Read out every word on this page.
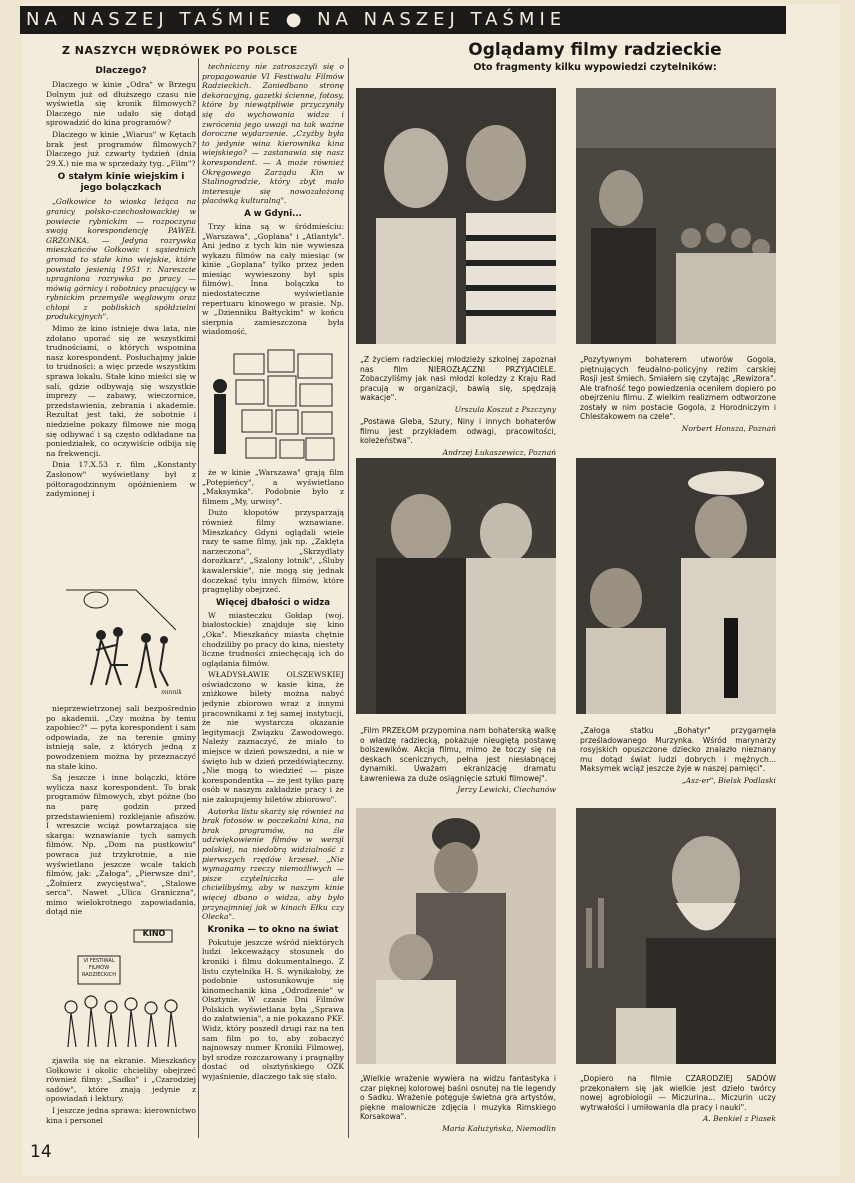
NA NASZEJ TAŚMIE ● NA NASZEJ TAŚMIE
Z NASZYCH WĘDRÓWEK PO POLSCE
Dlaczego?

Dlaczego w kinie „Odra" w Brzegu Dolnym już od dłuższego czasu nie wyświetla się kronik filmowych? Dlaczego nie udało się dotąd sprowadzić do kina programów?

Dlaczego w kinie „Wiarus" w Kętach brak jest programów filmowych? Dlaczego już czwarty tydzień (dnia 29.X.) nie ma w sprzedaży tyg. „Film"?

O stałym kinie wiejskim i jego bolączkach

„Gołkowice to wioska leżąca na granicy polsko-czechosłowackiej w powiecie rybnickim — rozpoczyna swoją korespondencję PAWEŁ GRZONKA. — Jedyna rozrywka mieszkańców Gołkowic i sąsiednich gromad to stałe kino wiejskie, które powstało jesienią 1951 r. Nareszcie upragniona rozrywka po pracy — mówią górnicy i robotnicy pracujący w rybnickim przemyśle węglowym oraz chłopi z pobliskich spółdzielni produkcyjnych".

Mimo że kino istnieje dwa lata, nie zdołano uporać się ze wszystkimi trudnościami, o których wspomina nasz korespondent. Posłuchajmy jakie to trudności: a więc przede wszystkim sprawa lokalu. Stałe kino mieści się w sali, gdzie odbywają się wszystkie imprezy — zabawy, wieczornice, przedstawienia, zebrania i akademie. Rezultat jest taki, że sobotnie i niedzielne pokazy filmowe nie mogą się odbywać i są często odkładane na poniedziałek, co oczywiście odbija się na frekwencji.

Dnia 17.X.53 r. film „Konstanty Zasłonow" wyświetlany był z półtoragodzinnym opóźnieniem w zadymionej i

minnik

nieprzewietrzonej sali bezpośrednio po akademii. „Czy można by temu zapobiec?" — pyta korespondent i sam odpowiada, że na terenie gminy istnieją sale, z których jedną z powodzeniem można by przeznaczyć na stałe kino.

Są jeszcze i inne bolączki, które wylicza nasz korespondent. To brak programów filmowych, zbyt późne (bo na parę godzin przed przedstawieniem) rozklejanie afiszów. I wreszcie wciąż powtarzająca się skarga: wznawianie tych samych filmów. Np. „Dom na pustkowiu" powraca już trzykrotnie, a nie wyświetlano jeszcze wcale takich filmów, jak: „Załoga", „Pierwsze dni", „Żołnierz zwycięstwa", „Stalowe serca". Nawet „Ulica Graniczna", mimo wielokrotnego zapowiadania, dotąd nie

KINO
VI FESTIWAL FILMÓW RADZIECKICH

zjawiła się na ekranie. Mieszkańcy Gołkowic i okolic chcieliby obejrzeć również filmy: „Sadko" i „Czarodziej sadów", które znają jedynie z opowiadań i lektury.

I jeszcze jedna sprawa: kierownictwo kina i personel

techniczny nie zatroszczyli się o propagowanie VI Festiwalu Filmów Radzieckich. Zaniedbano stronę dekoracyjną, gazetki ścienne, fotosy, które by niewątpliwie przyczyniły się do wychowania widza i zwrócenia jego uwagi na tak ważne doroczne wydarzenie. „Czyżby była to jedynie wina kierownika kina wiejskiego? — zastanawia się nasz korespondent. — A może również Okręgowego Zarządu Kin w Stalinogrodzie, który zbyt mało interesuje się nowozałożoną placówką kulturalną".

A w Gdyni...

Trzy kina są w śródmieściu: „Warszawa", „Goplana" i „Atlantyk". Ani jedno z tych kin nie wywiesza wykazu filmów na cały miesiąc (w kinie „Goplana" tylko przez jeden miesiąc wywieszony był spis filmów). Inna bolączka to niedostateczne wyświetlanie repertuaru kinowego w prasie. Np. w „Dzienniku Bałtyckim" w końcu sierpnia zamieszczona była wiadomość,

że w kinie „Warszawa" grają film „Potępieńcy", a wyświetlano „Maksymka". Podobnie było z filmem „My, urwisy".

Dużo kłopotów przysparzają również filmy wznawiane. Mieszkańcy Gdyni oglądali wiele razy te same filmy, jak np. „Zaklęta narzeczona", „Skrzydlaty dorożkarz", „Szalony lotnik", „Śluby kawalerskie", nie mogą się jednak doczekać tylu innych filmów, które pragnęliby obejrzeć.

Więcej dbałości o widza

W miasteczku Gołdap (woj. białostockie) znajduje się kino „Oka". Mieszkańcy miasta chętnie chodziliby po pracy do kina, niestety liczne trudności zniechęcają ich do oglądania filmów.

WŁADYSŁAWIE OLSZEWSKIEJ oświadczono w kasie kina, że zniżkowe bilety można nabyć jedynie zbiorowo wraz z innymi pracownikami z tej samej instytucji, że nie wystarcza okazanie legitymacji Związku Zawodowego. Należy zaznaczyć, że miało to miejsce w dzień powszedni, a nie w święto lub w dzień przedświąteczny. „Nie mogą to wiedzieć — pisze korespondentka — że jest tylko parę osób w naszym zakładzie pracy i że nie zakupujemy biletów zbiorowo".

Autorka listu skarży się również na brak fotosów w poczekalni kina, na brak programów, na źle udźwiękowienie filmów w wersji polskiej, na niedobrą widzialność z pierwszych rzędów krzeseł. „Nie wymagamy rzeczy niemożliwych — pisze czytelniczka — ale chcielibyśmy, aby w naszym kinie więcej dbano o widza, aby było przynajmniej jak w kinach Ełku czy Olecka".

Kronika — to okno na świat

Pokutuje jeszcze wśród niektórych ludzi lekceważący stosunek do kroniki i filmu dokumentalnego. Z listu czytelnika H. S. wynikałoby, że podobnie ustosunkowuje się kinomechanik kina „Odrodzenie" w Olsztynie. W czasie Dni Filmów Polskich wyświetlana była „Sprawa do załatwienia", a nie pokazano PKF. Widz, który poszedł drugi raz na ten sam film po to, aby zobaczyć najnowszy numer Kroniki Filmowej, był srodze rozczarowany i pragnąłby dostać od olsztyńskiego OZK wyjaśnienie, dlaczego tak się stało.

Oglądamy filmy radzieckie
Oto fragmenty kilku wypowiedzi czytelników:
„Z życiem radzieckiej młodzieży szkolnej zapoznał nas film NIEROZŁĄCZNI PRZYJACIELE. Zobaczyliśmy jak nasi młodzi koledzy z Kraju Rad pracują w organizacji, bawią się, spędzają wakacje".
Urszula Koszut z Pszczyny
„Postawa Gleba, Szury, Niny i innych bohaterów filmu jest przykładem odwagi, pracowitości, koleżeństwa".
Andrzej Łukaszewicz, Poznań
„Pozytywnym bohaterem utworów Gogola, piętnujących feudalno-policyjny reżim carskiej Rosji jest śmiech. Śmiałem się czytając „Rewizora". Ale trafność tego powiedzenia oceniłem dopiero po obejrzeniu filmu. Z wielkim realizmem odtworzone zostały w nim postacie Gogola, z Horodniczym i Chlestakowem na czele".
Norbert Honsza, Poznań
„Film PRZEŁOM przypomina nam bohaterską walkę o władzę radziecką, pokazuje nieugiętą postawę bolszewików. Akcja filmu, mimo że toczy się na deskach scenicznych, pełna jest niesłabnącej dynamiki. Uważam ekranizację dramatu Ławreniewa za duże osiągnięcie sztuki filmowej".
Jerzy Lewicki, Ciechanów
„Załoga statku „Bohatyr" przygarnęła prześladowanego Murzynka. Wśród marynarzy rosyjskich opuszczone dziecko znalazło nieznany mu dotąd świat ludzi dobrych i mężnych... Maksymek wciąż jeszcze żyje w naszej pamięci".
„Asz-er", Bielsk Podlaski
„Wielkie wrażenie wywiera na widzu fantastyka i czar pięknej kolorowej baśni osnutej na tle legendy o Sadku. Wrażenie potęguje świetna gra artystów, piękne malownicze zdjęcia i muzyka Rimskiego Korsakowa".
Maria Kałużyńska, Niemodlin
„Dopiero na filmie CZARODZIEJ SADÓW przekonałem się jak wielkie jest dzieło twórcy nowej agrobiologii — Miczurina... Miczurin uczy wytrwałości i umiłowania dla pracy i nauki".
A. Benkiel z Piasek
14
